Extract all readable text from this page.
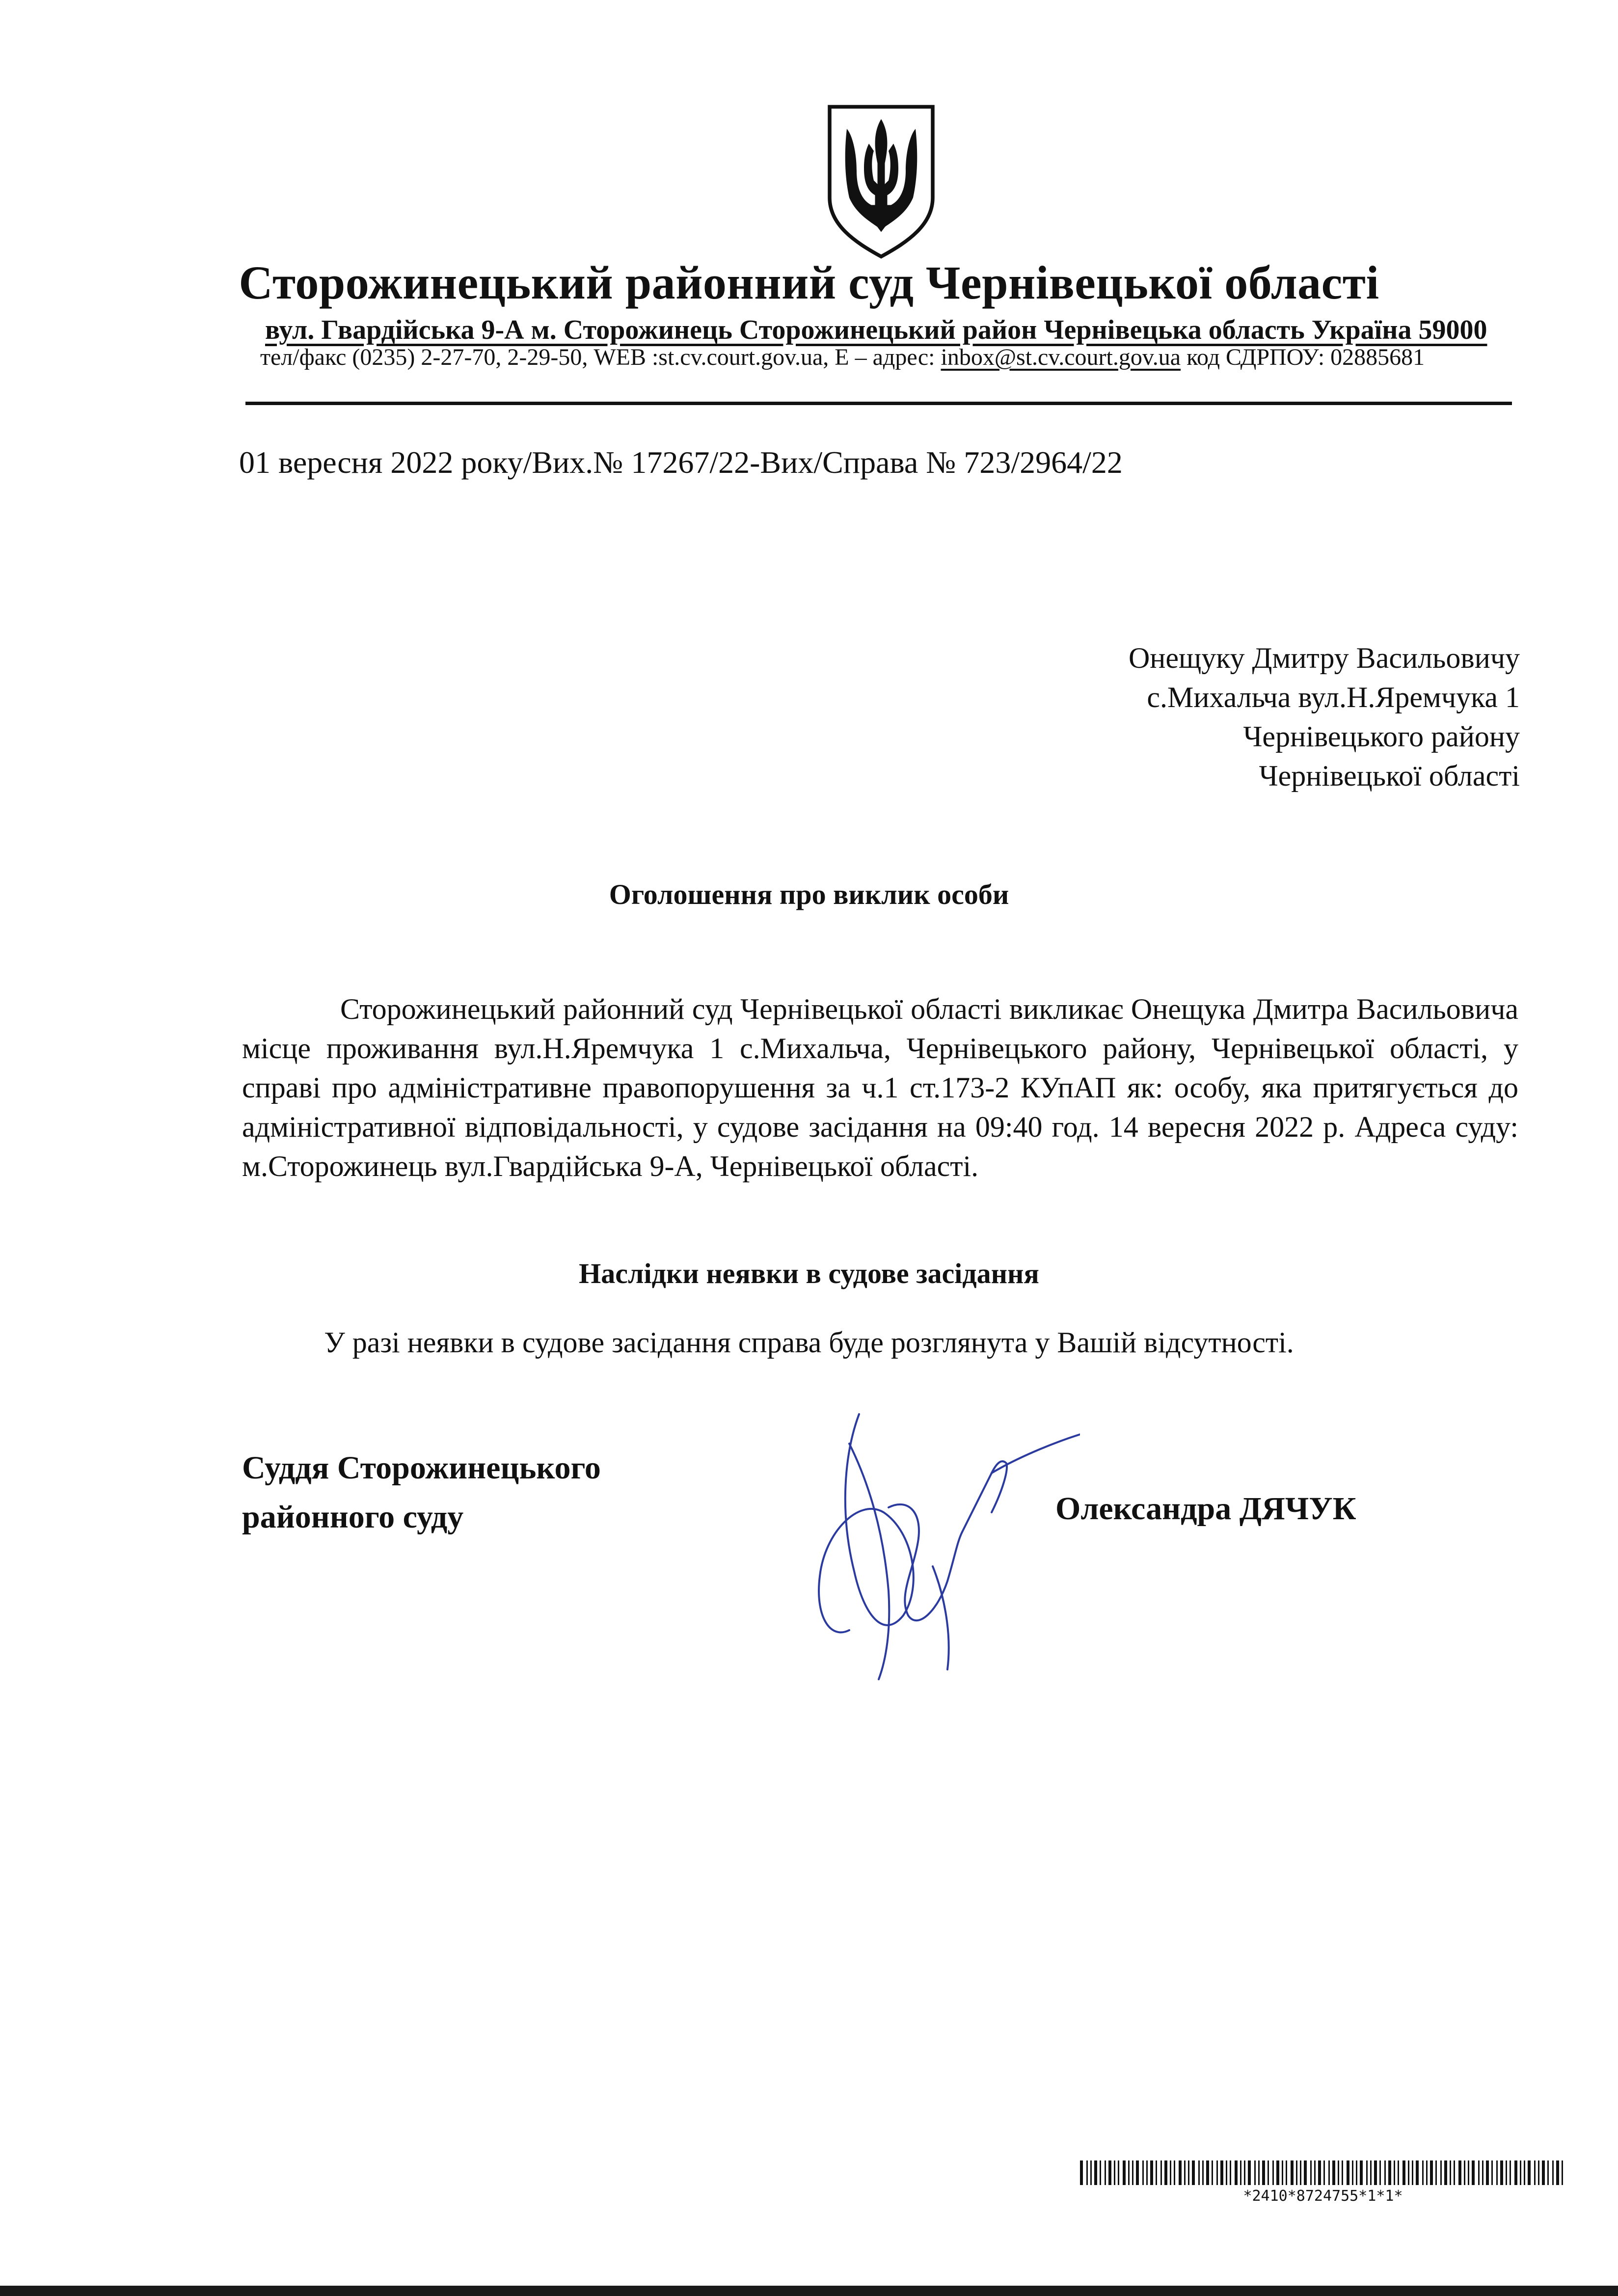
Сторожинецький районний суд Чернівецької області
вул. Гвардійська 9-А м. Сторожинець Сторожинецький район Чернівецька область Україна 59000
тел/факс (0235) 2-27-70, 2-29-50, WEB :st.cv.court.gov.ua, E – адрес: inbox@st.cv.court.gov.ua код СДРПОУ: 02885681
01 вересня 2022 року/Вих.№ 17267/22-Вих/Справа № 723/2964/22
Онещуку Дмитру Васильовичу
с.Михальча вул.Н.Яремчука 1
Чернівецького району
Чернівецької області
Оголошення про виклик особи
Сторожинецький районний суд Чернівецької області викликає Онещука Дмитра Васильовича місце проживання вул.Н.Яремчука 1 с.Михальча, Чернівецького району, Чернівецької області, у справі про адміністративне правопорушення за ч.1 ст.173-2 КУпАП як: особу, яка притягується до адміністративної відповідальності, у судове засідання на 09:40 год. 14 вересня 2022 р. Адреса суду: м.Сторожинець вул.Гвардійська 9-А, Чернівецької області.
Наслідки неявки в судове засідання
У разі неявки в судове засідання справа буде розглянута у Вашій відсутності.
Суддя Сторожинецького
районного суду	Олександра ДЯЧУК
*2410*8724755*1*1*
